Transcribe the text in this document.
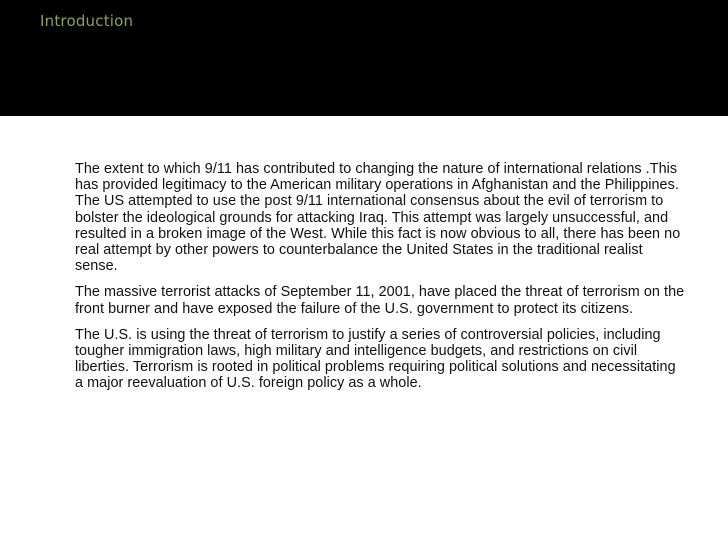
Introduction

The extent to which 9/11 has contributed to changing the nature of international relations .This has provided legitimacy to the American military operations in Afghanistan and the Philippines. The US attempted to use the post 9/11 international consensus about the evil of terrorism to bolster the ideological grounds for attacking Iraq. This attempt was largely unsuccessful, and resulted in a broken image of the West. While this fact is now obvious to all, there has been no real attempt by other powers to counterbalance the United States in the traditional realist sense.

The massive terrorist attacks of September 11, 2001, have placed the threat of terrorism on the front burner and have exposed the failure of the U.S. government to protect its citizens.

The U.S. is using the threat of terrorism to justify a series of controversial policies, including tougher immigration laws, high military and intelligence budgets, and restrictions on civil liberties. Terrorism is rooted in political problems requiring political solutions and necessitating a major reevaluation of U.S. foreign policy as a whole.
